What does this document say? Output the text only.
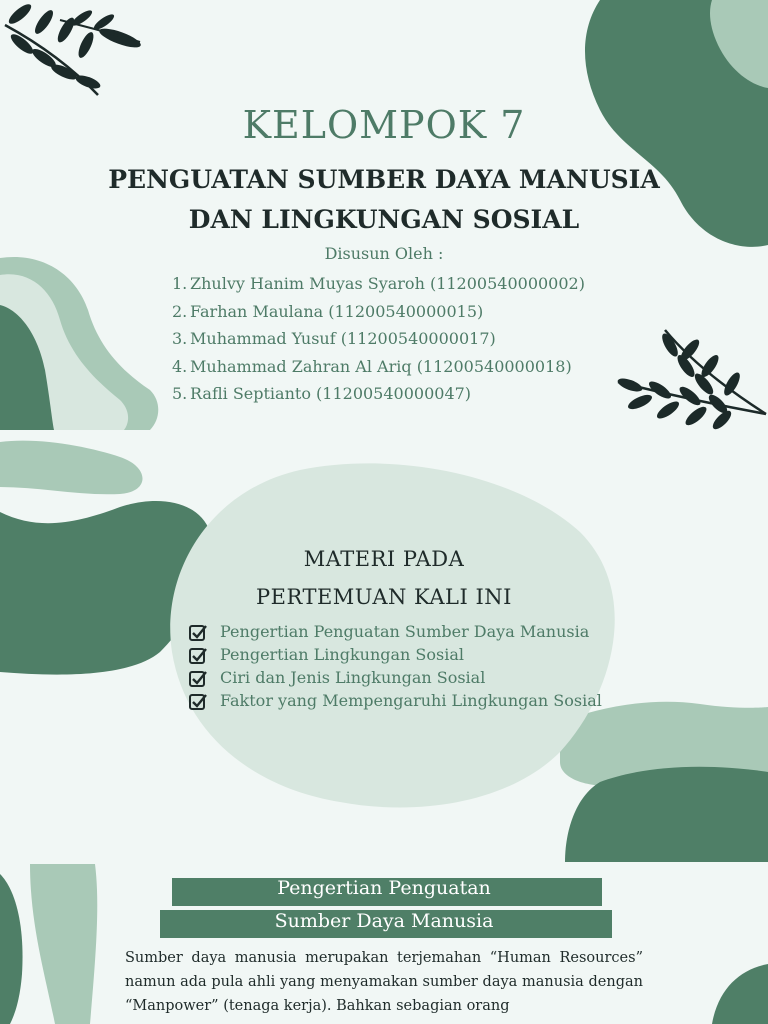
KELOMPOK 7
PENGUATAN SUMBER DAYA MANUSIA
DAN LINGKUNGAN SOSIAL
Disusun Oleh :
1. Zhulvy Hanim Muyas Syaroh (11200540000002)
2. Farhan Maulana (11200540000015)
3. Muhammad Yusuf (11200540000017)
4. Muhammad Zahran Al Ariq (11200540000018)
5. Rafli Septianto (11200540000047)
MATERI PADA
PERTEMUAN KALI INI
Pengertian Penguatan Sumber Daya Manusia
Pengertian Lingkungan Sosial
Ciri dan Jenis Lingkungan Sosial
Faktor yang Mempengaruhi Lingkungan Sosial
Pengertian Penguatan
Sumber Daya Manusia

Sumber daya manusia merupakan terjemahan “Human Resources” namun ada pula ahli yang menyamakan sumber daya manusia dengan “Manpower” (tenaga kerja). Bahkan sebagian orang
